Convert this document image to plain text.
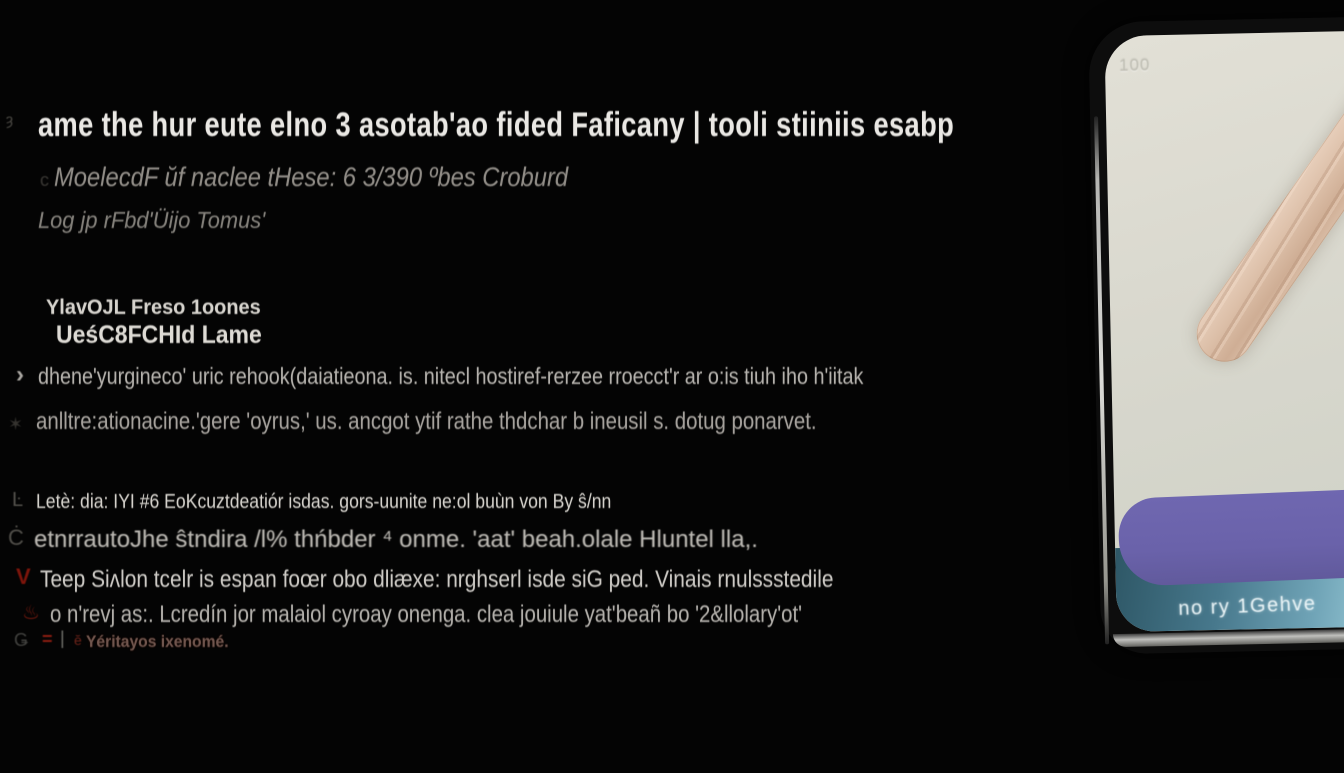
ȝ ame the hur eute elno 3 asotab'ao fided Faficany | tooli stiiniis esabp
c MoelecdF ŭf naclee tHese: 6 3/390 ºbes Croburd
Log jp rFbd'Üijo Tomus'
YlavOJL Freso 1oones
UeśC8FCHId Lame
› dhene'yurgineco' uric rehook(daiatieona. is. nitecl hostiref-rerzee rroecct'r ar o:is tiuh iho h'iitak
✶ anlltre:ationacine.'gere 'oyrus,' us. ancgot ytif rathe thdchar b ineusil s. dotug ponarvet.
Ŀ Letè: dia: IYI #6 EoKcuztdeatiór isdas. gors-uunite ne:ol buùn von By ŝ/nn
Ċ etnrrautoJhe ŝtndira /l% thńbder ⁴ onme. 'aat' beah.olale Hluntel lla,.
V Teep Siʌlon tcelr is espan foœr obo dliæxe: nrghserl isde siG ped. Vinais rnulssstedile
♨ o n'revj as:. Lcredín jor malaiol cyroay onenga. clea jouiule yat'beañ bo '2&llolary'ot'
Ǥ = | ĕ Yéritayos ixenomé.
100
no ry 1Gehve
